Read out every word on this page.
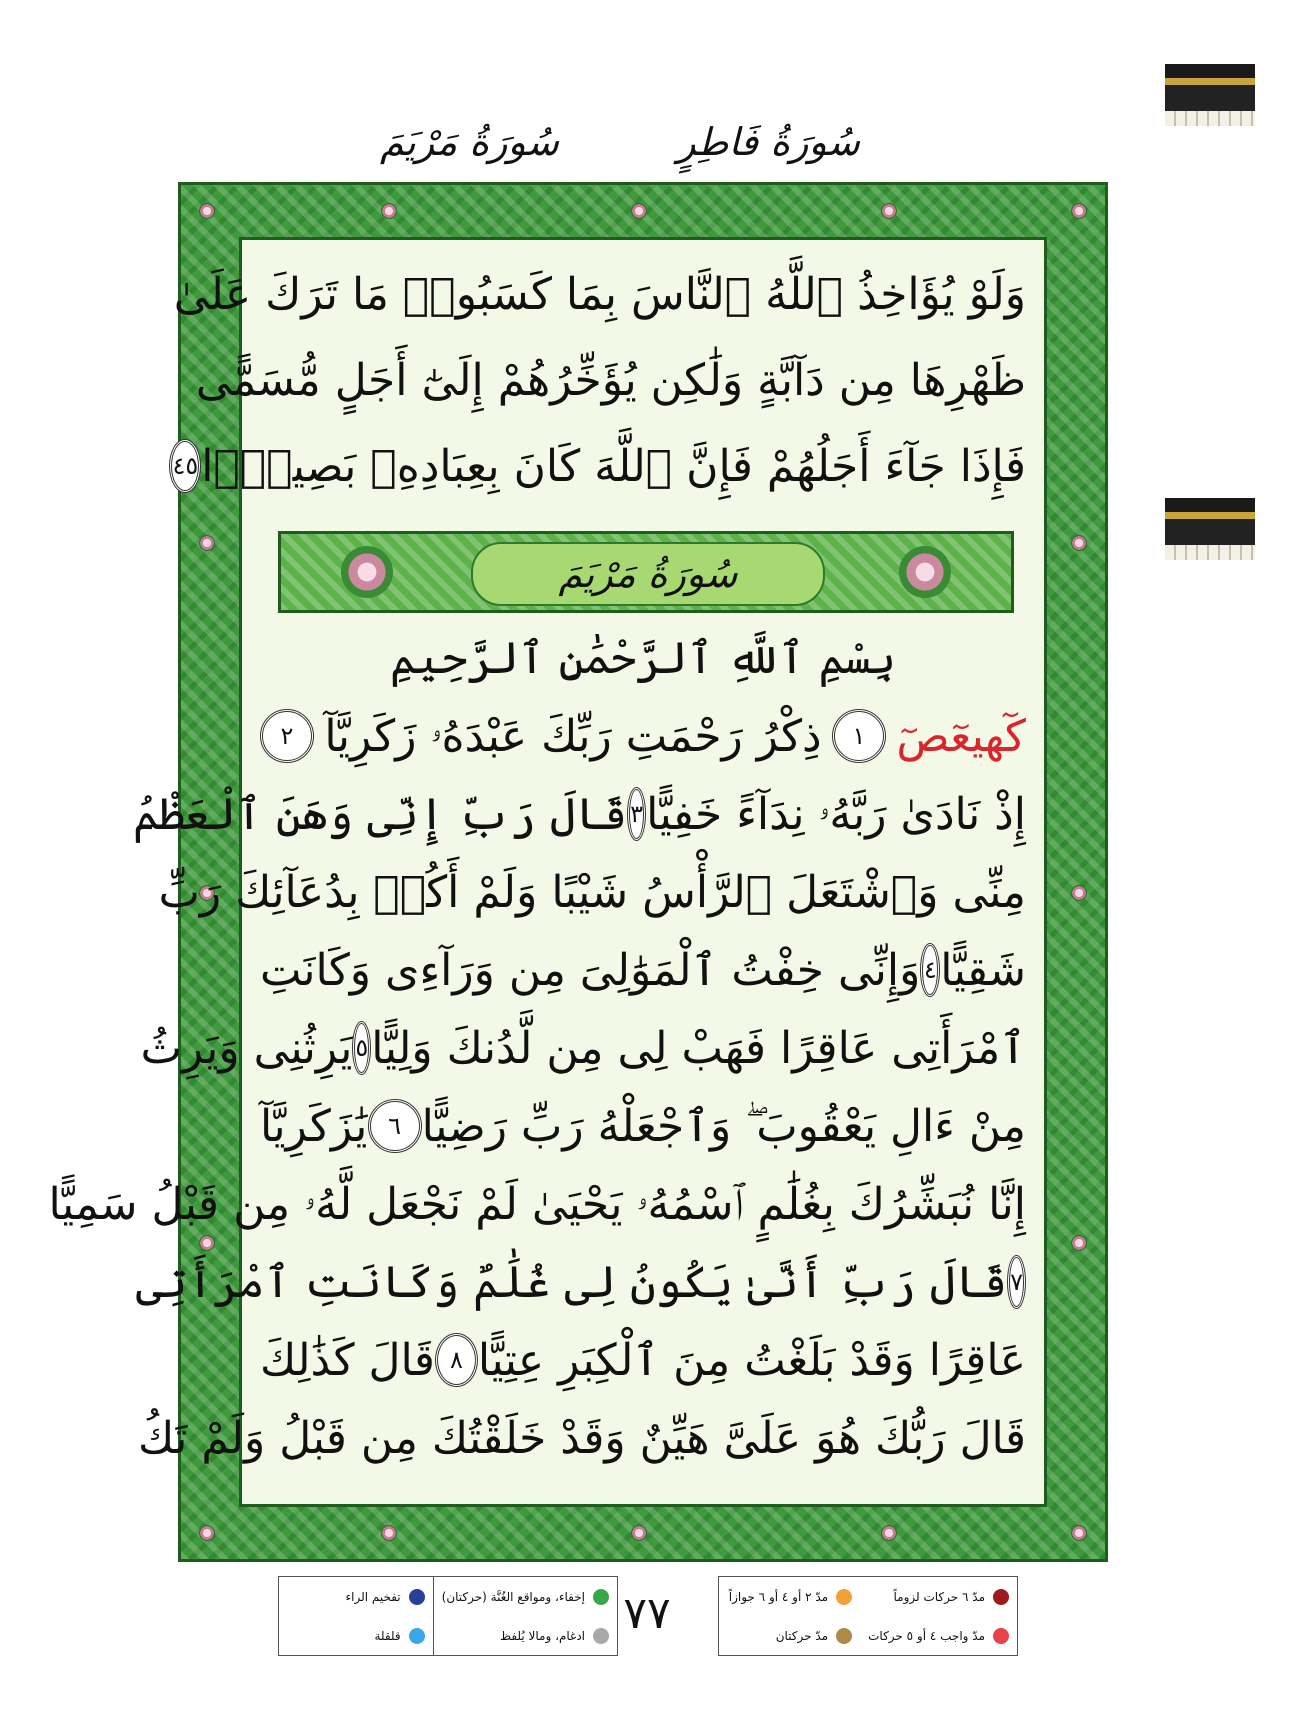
سُورَةُ فَاطِرٍ
سُورَةُ مَرْيَمَ
وَلَوْ يُؤَاخِذُ ٱللَّهُ ٱلنَّاسَ بِمَا كَسَبُوا۟ مَا تَرَكَ عَلَىٰ
ظَهْرِهَا مِن دَآبَّةٍ وَلَٰكِن يُؤَخِّرُهُمْ إِلَىٰٓ أَجَلٍ مُّسَمًّى
فَإِذَا جَآءَ أَجَلُهُمْ فَإِنَّ ٱللَّهَ كَانَ بِعِبَادِهِۦ بَصِيرًۢا
٤٥
سُورَةُ مَرْيَمَ
بِسْمِ ٱللَّهِ ٱلرَّحْمَٰنِ ٱلرَّحِيمِ
كٓهيعٓصٓ
١
ذِكْرُ رَحْمَتِ رَبِّكَ عَبْدَهُۥ زَكَرِيَّآ
٢
إِذْ نَادَىٰ رَبَّهُۥ نِدَآءً خَفِيًّا
٣
قَالَ رَبِّ إِنِّى وَهَنَ ٱلْعَظْمُ
مِنِّى وَٱشْتَعَلَ ٱلرَّأْسُ شَيْبًا وَلَمْ أَكُنۢ بِدُعَآئِكَ رَبِّ
شَقِيًّا
٤
وَإِنِّى خِفْتُ ٱلْمَوَٰلِىَ مِن وَرَآءِى وَكَانَتِ
ٱمْرَأَتِى عَاقِرًا فَهَبْ لِى مِن لَّدُنكَ وَلِيًّا
٥
يَرِثُنِى وَيَرِثُ
مِنْ ءَالِ يَعْقُوبَ ۖ وَٱجْعَلْهُ رَبِّ رَضِيًّا
٦
يَٰزَكَرِيَّآ
إِنَّا نُبَشِّرُكَ بِغُلَٰمٍ ٱسْمُهُۥ يَحْيَىٰ لَمْ نَجْعَل لَّهُۥ مِن قَبْلُ سَمِيًّا
٧
قَالَ رَبِّ أَنَّىٰ يَكُونُ لِى غُلَٰمٌ وَكَانَتِ ٱمْرَأَتِى
عَاقِرًا وَقَدْ بَلَغْتُ مِنَ ٱلْكِبَرِ عِتِيًّا
٨
قَالَ كَذَٰلِكَ
قَالَ رَبُّكَ هُوَ عَلَىَّ هَيِّنٌ وَقَدْ خَلَقْتُكَ مِن قَبْلُ وَلَمْ تَكُ
إخفاء، ومواقع الغُنَّة (حركتان)
تفخيم الراء
ادغام، ومالا يُلفظ
قلقلة	٧٧	مدّ ٦ حركات لزوماً
مدّ ٢ أو ٤ أو ٦ جوازاً
مدّ واجب ٤ أو ٥ حركات
مدّ حركتان
